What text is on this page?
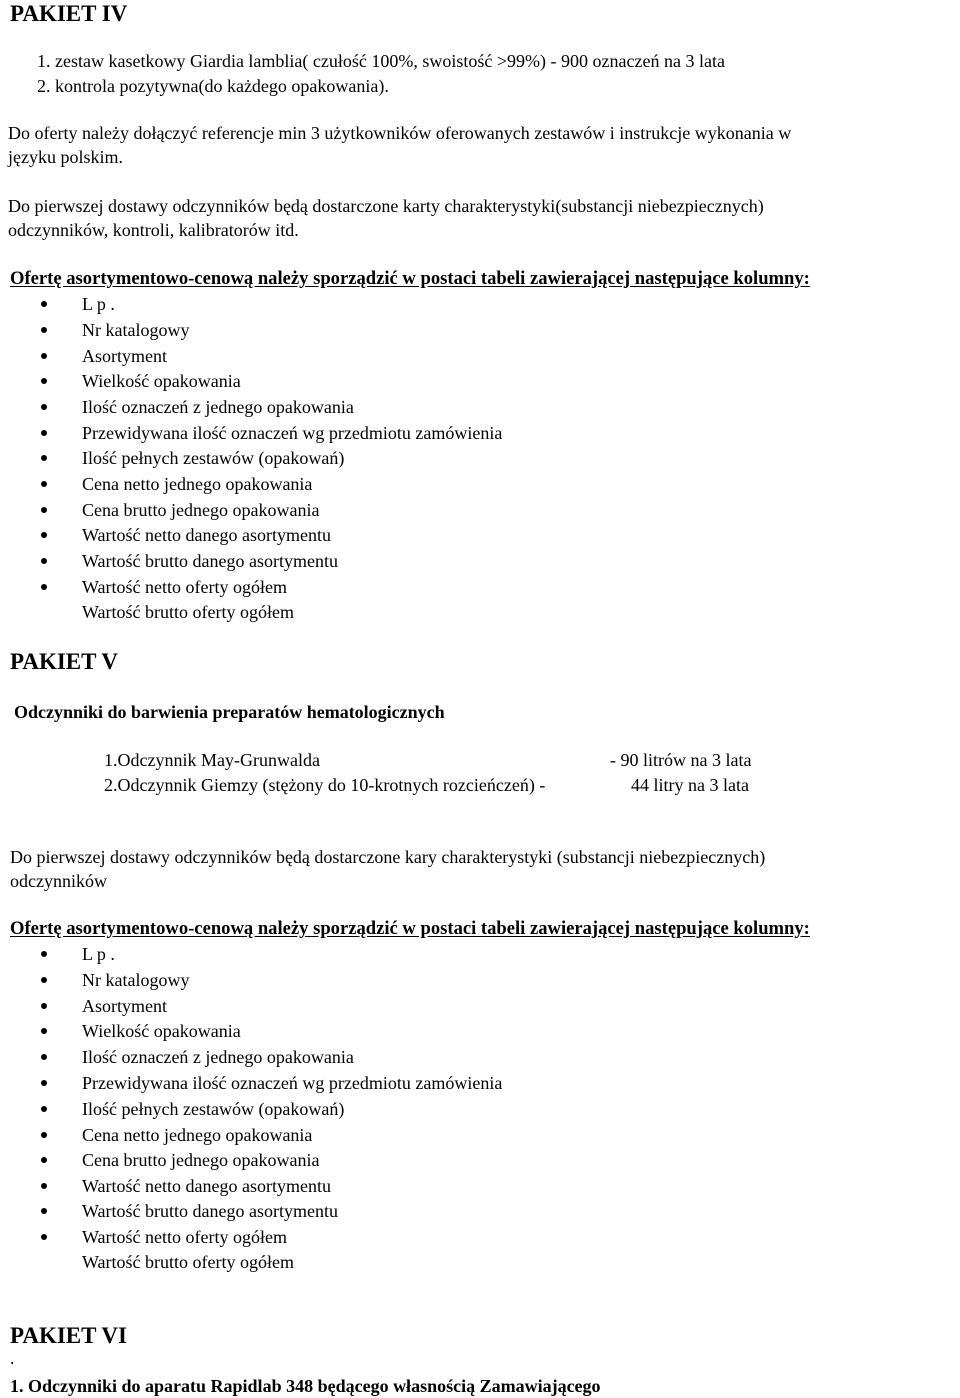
PAKIET IV
1. zestaw kasetkowy Giardia lamblia( czułość 100%, swoistość >99%) - 900 oznaczeń na 3 lata
2. kontrola pozytywna(do każdego opakowania).
Do oferty należy dołączyć referencje min 3 użytkowników oferowanych zestawów i instrukcje wykonania w
języku polskim.
Do pierwszej dostawy odczynników będą dostarczone karty charakterystyki(substancji niebezpiecznych)
odczynników, kontroli, kalibratorów itd.
Ofertę asortymentowo-cenową należy sporządzić w postaci tabeli zawierającej następujące kolumny:
L p .
Nr katalogowy
Asortyment
Wielkość opakowania
Ilość oznaczeń z jednego opakowania
Przewidywana ilość oznaczeń wg przedmiotu zamówienia
Ilość pełnych zestawów (opakowań)
Cena netto jednego opakowania
Cena brutto jednego opakowania
Wartość netto danego asortymentu
Wartość brutto danego asortymentu
Wartość netto oferty ogółem
Wartość brutto oferty ogółem
PAKIET V
Odczynniki do barwienia preparatów hematologicznych
1.Odczynnik May-Grunwalda	- 90 litrów na 3 lata
2.Odczynnik Giemzy (stężony do 10-krotnych rozcieńczeń) -	44 litry na 3 lata
Do pierwszej dostawy odczynników będą dostarczone kary charakterystyki (substancji niebezpiecznych)
odczynników
Ofertę asortymentowo-cenową należy sporządzić w postaci tabeli zawierającej następujące kolumny:
L p .
Nr katalogowy
Asortyment
Wielkość opakowania
Ilość oznaczeń z jednego opakowania
Przewidywana ilość oznaczeń wg przedmiotu zamówienia
Ilość pełnych zestawów (opakowań)
Cena netto jednego opakowania
Cena brutto jednego opakowania
Wartość netto danego asortymentu
Wartość brutto danego asortymentu
Wartość netto oferty ogółem
Wartość brutto oferty ogółem
PAKIET VI
.
1. Odczynniki do aparatu Rapidlab 348 będącego własnością Zamawiającego
